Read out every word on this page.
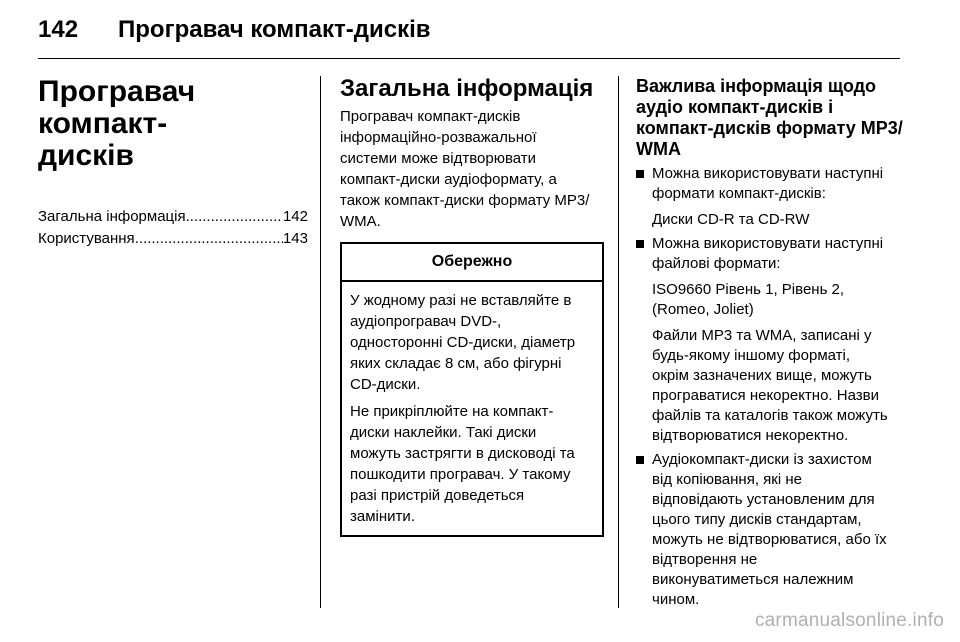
142 Програвач компакт-дисків
Програвач компакт-
дисків
Загальна інформація .....	142
Користування .....	143
Загальна інформація
Програвач компакт-дисків
інформаційно-розважальної
системи може відтворювати
компакт-диски аудіоформату, а
також компакт-диски формату MP3/
WMA.
Обережно

У жодному разі не вставляйте в
аудіопрогравач DVD-,
односторонні CD-диски, діаметр
яких складає 8 см, або фігурні
CD-диски.

Не прикріплюйте на компакт-
диски наклейки. Такі диски
можуть застрягти в дисководі та
пошкодити програвач. У такому
разі пристрій доведеться
замінити.

Важлива інформація щодо
аудіо компакт-дисків і
компакт-дисків формату MP3/
WMA

Можна використовувати наступні
формати компакт-дисків:

Диски CD-R та CD-RW

Можна використовувати наступні
файлові формати:

ISO9660 Рівень 1, Рівень 2,
(Romeo, Joliet)

Файли MP3 та WMA, записані у
будь-якому іншому форматі,
окрім зазначених вище, можуть
програватися некоректно. Назви
файлів та каталогів також можуть
відтворюватися некоректно.

Аудіокомпакт-диски із захистом
від копіювання, які не
відповідають установленим для
цього типу дисків стандартам,
можуть не відтворюватися, або їх
відтворення не
виконуватиметься належним
чином.

carmanualsonline.info
